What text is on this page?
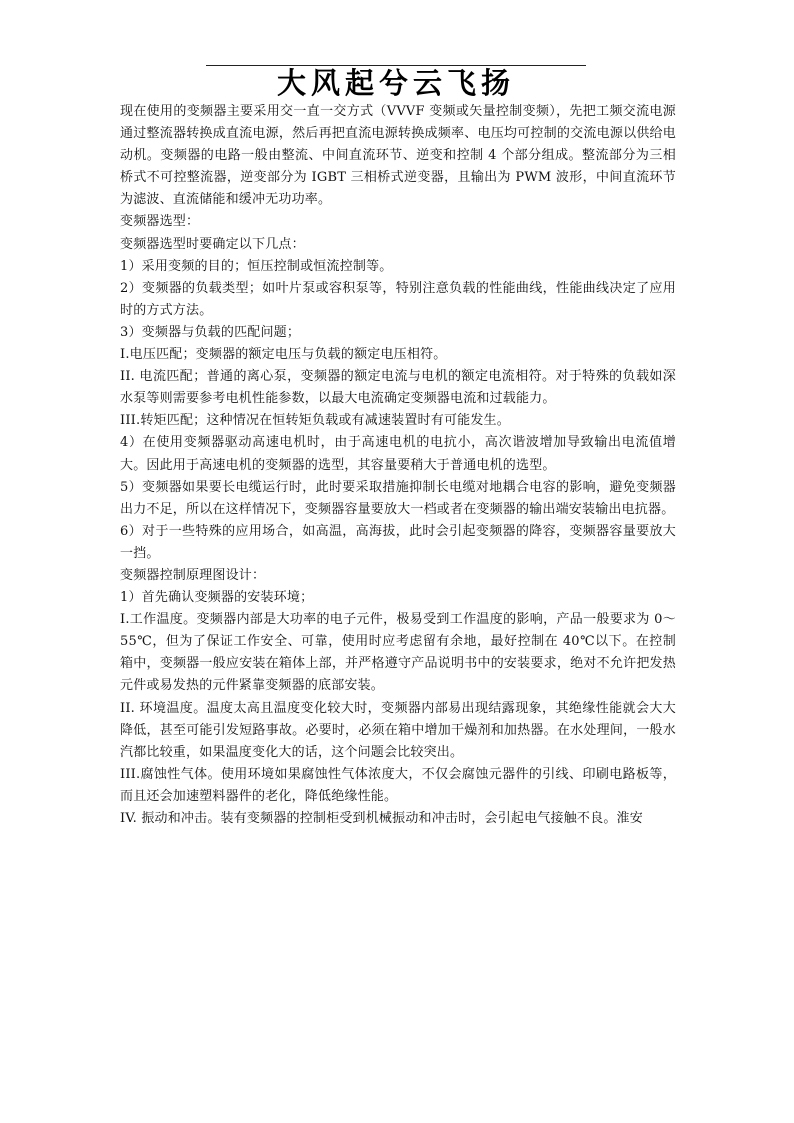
大风起兮云飞扬

现在使用的变频器主要采用交一直一交方式（VVVF 变频或矢量控制变频），先把工频交流电源通过整流器转换成直流电源，然后再把直流电源转换成频率、电压均可控制的交流电源以供给电动机。变频器的电路一般由整流、中间直流环节、逆变和控制 4 个部分组成。整流部分为三相桥式不可控整流器，逆变部分为 IGBT 三相桥式逆变器，且输出为 PWM 波形，中间直流环节为滤波、直流储能和缓冲无功功率。

变频器选型：

变频器选型时要确定以下几点：

1）采用变频的目的；恒压控制或恒流控制等。

2）变频器的负载类型；如叶片泵或容积泵等，特别注意负载的性能曲线，性能曲线决定了应用时的方式方法。

3）变频器与负载的匹配问题；

I.电压匹配；变频器的额定电压与负载的额定电压相符。

II. 电流匹配；普通的离心泵，变频器的额定电流与电机的额定电流相符。对于特殊的负载如深水泵等则需要参考电机性能参数，以最大电流确定变频器电流和过载能力。

III.转矩匹配；这种情况在恒转矩负载或有减速装置时有可能发生。

4）在使用变频器驱动高速电机时，由于高速电机的电抗小，高次谐波增加导致输出电流值增大。因此用于高速电机的变频器的选型，其容量要稍大于普通电机的选型。

5）变频器如果要长电缆运行时，此时要采取措施抑制长电缆对地耦合电容的影响，避免变频器出力不足，所以在这样情况下，变频器容量要放大一档或者在变频器的输出端安装输出电抗器。

6）对于一些特殊的应用场合，如高温，高海拔，此时会引起变频器的降容，变频器容量要放大一挡。

变频器控制原理图设计：

1）首先确认变频器的安装环境；

I.工作温度。变频器内部是大功率的电子元件，极易受到工作温度的影响，产品一般要求为 0～55℃，但为了保证工作安全、可靠，使用时应考虑留有余地，最好控制在 40℃以下。在控制箱中，变频器一般应安装在箱体上部，并严格遵守产品说明书中的安装要求，绝对不允许把发热元件或易发热的元件紧靠变频器的底部安装。

II. 环境温度。温度太高且温度变化较大时，变频器内部易出现结露现象，其绝缘性能就会大大降低，甚至可能引发短路事故。必要时，必须在箱中增加干燥剂和加热器。在水处理间，一般水汽都比较重，如果温度变化大的话，这个问题会比较突出。

III.腐蚀性气体。使用环境如果腐蚀性气体浓度大，不仅会腐蚀元器件的引线、印刷电路板等，而且还会加速塑料器件的老化，降低绝缘性能。

IV. 振动和冲击。装有变频器的控制柜受到机械振动和冲击时，会引起电气接触不良。淮安
